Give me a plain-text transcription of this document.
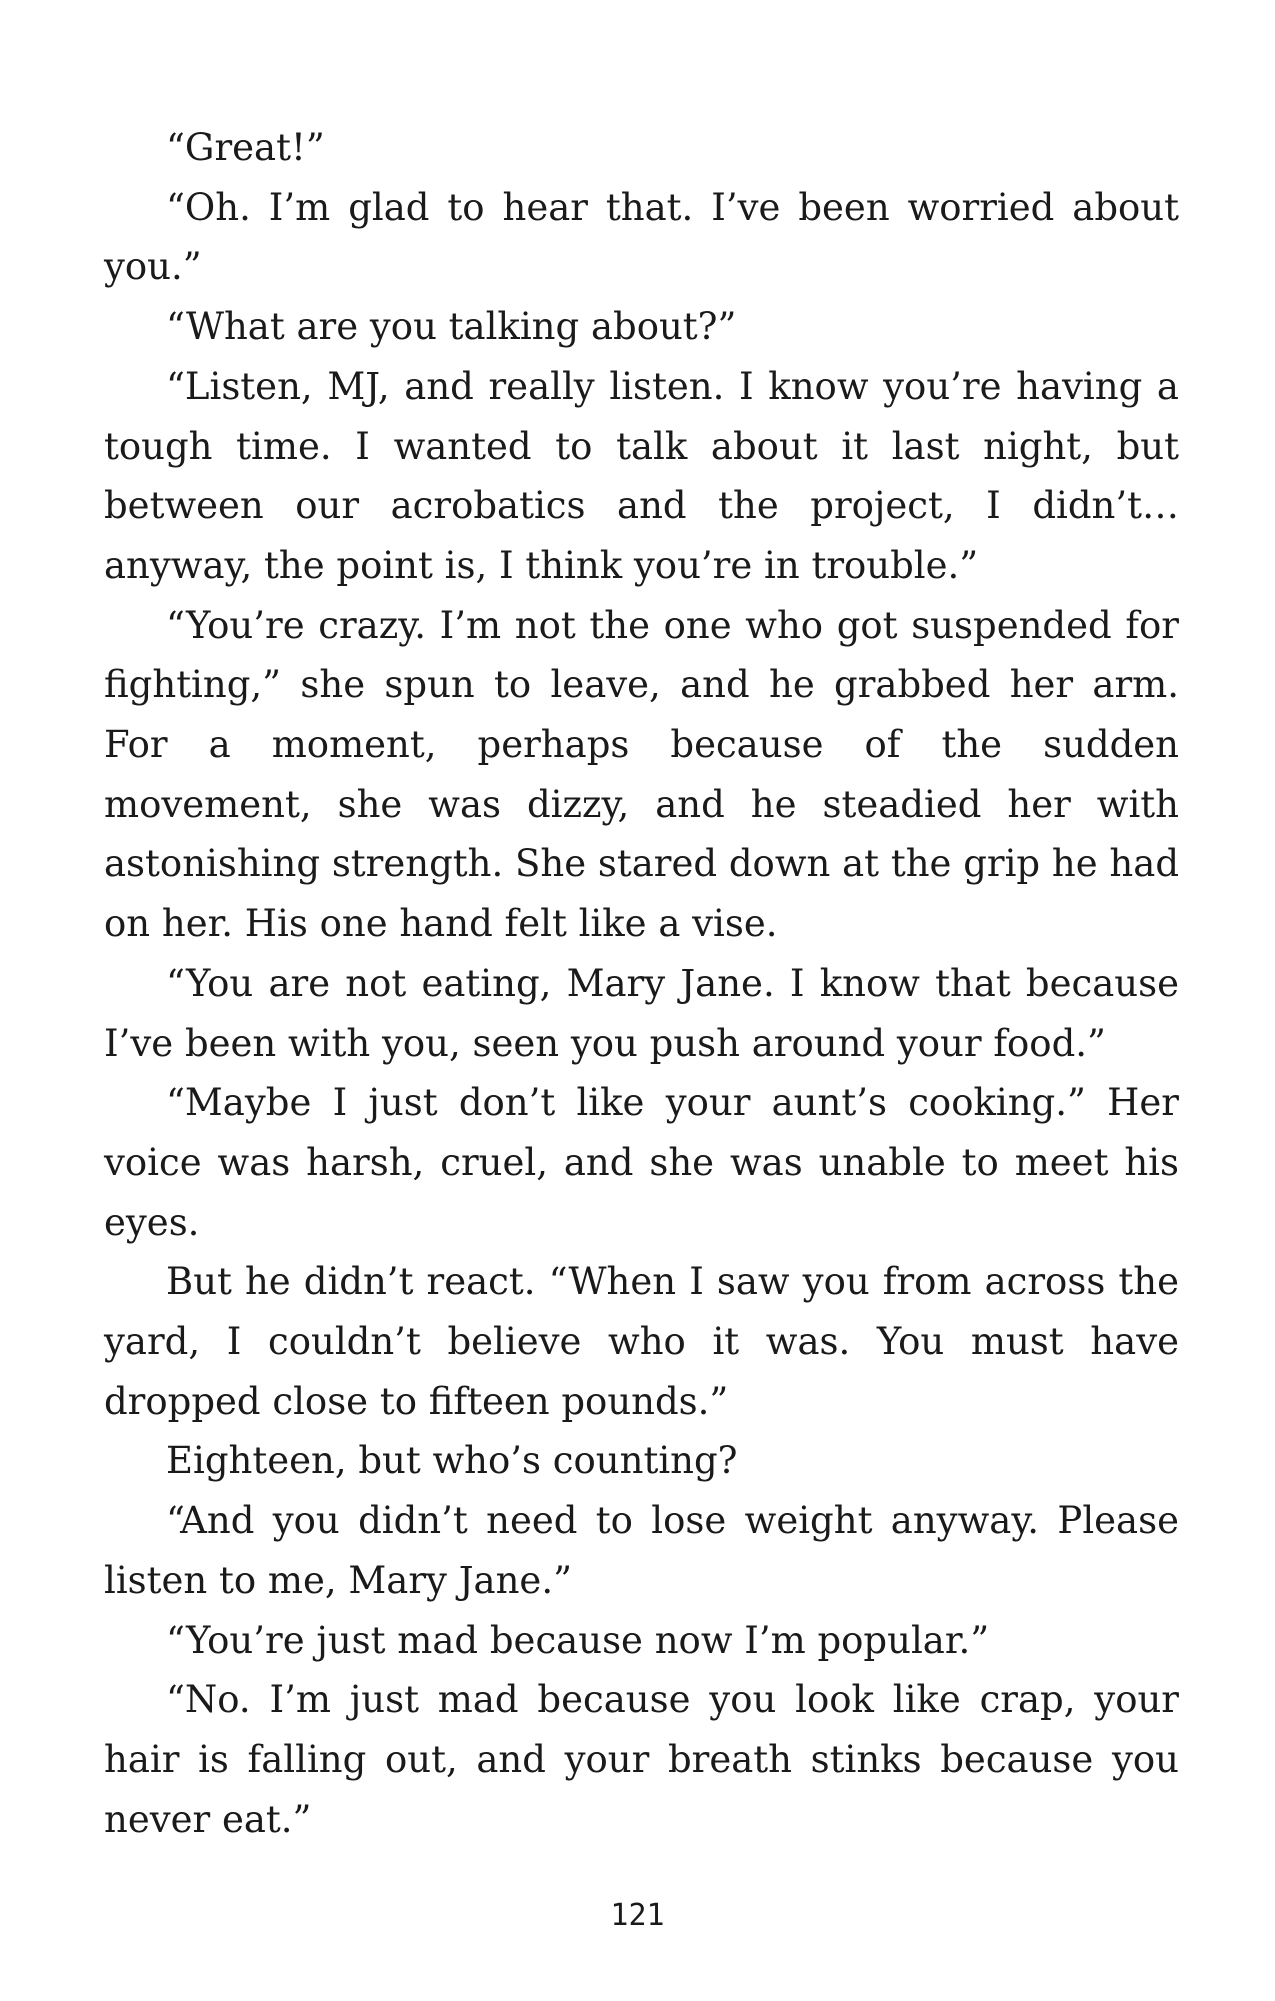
“Great!”

“Oh. I’m glad to hear that. I’ve been worried about you.”

“What are you talking about?”

“Listen, MJ, and really listen. I know you’re having a tough time. I wanted to talk about it last night, but between our acrobatics and the project, I didn’t…anyway, the point is, I think you’re in trouble.”

“You’re crazy. I’m not the one who got suspended for fighting,” she spun to leave, and he grabbed her arm. For a moment, perhaps because of the sudden movement, she was dizzy, and he steadied her with astonishing strength. She stared down at the grip he had on her. His one hand felt like a vise.

“You are not eating, Mary Jane. I know that because I’ve been with you, seen you push around your food.”

“Maybe I just don’t like your aunt’s cooking.” Her voice was harsh, cruel, and she was unable to meet his eyes.

But he didn’t react. “When I saw you from across the yard, I couldn’t believe who it was. You must have dropped close to fifteen pounds.”

Eighteen, but who’s counting?

“And you didn’t need to lose weight anyway. Please listen to me, Mary Jane.”

“You’re just mad because now I’m popular.”

“No. I’m just mad because you look like crap, your hair is falling out, and your breath stinks because you never eat.”

121
